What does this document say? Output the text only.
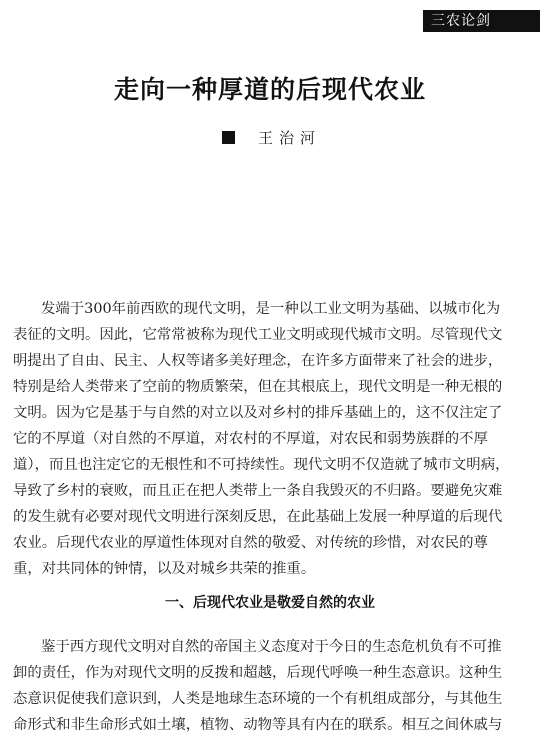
三农论剑
走向一种厚道的后现代农业
王治河
发端于300年前西欧的现代文明，是一种以工业文明为基础、以城市化为
表征的文明。因此，它常常被称为现代工业文明或现代城市文明。尽管现代文
明提出了自由、民主、人权等诸多美好理念，在许多方面带来了社会的进步，
特别是给人类带来了空前的物质繁荣，但在其根底上，现代文明是一种无根的
文明。因为它是基于与自然的对立以及对乡村的排斥基础上的，这不仅注定了
它的不厚道（对自然的不厚道，对农村的不厚道，对农民和弱势族群的不厚
道），而且也注定它的无根性和不可持续性。现代文明不仅造就了城市文明病，
导致了乡村的衰败，而且正在把人类带上一条自我毁灭的不归路。要避免灾难
的发生就有必要对现代文明进行深刻反思，在此基础上发展一种厚道的后现代
农业。后现代农业的厚道性体现对自然的敬爱、对传统的珍惜，对农民的尊
重，对共同体的钟情，以及对城乡共荣的推重。
一、后现代农业是敬爱自然的农业
鉴于西方现代文明对自然的帝国主义态度对于今日的生态危机负有不可推
卸的责任，作为对现代文明的反拨和超越，后现代呼唤一种生态意识。这种生
态意识促使我们意识到，人类是地球生态环境的一个有机组成部分，与其他生
命形式和非生命形式如土壤，植物、动物等具有内在的联系。相互之间休戚与
